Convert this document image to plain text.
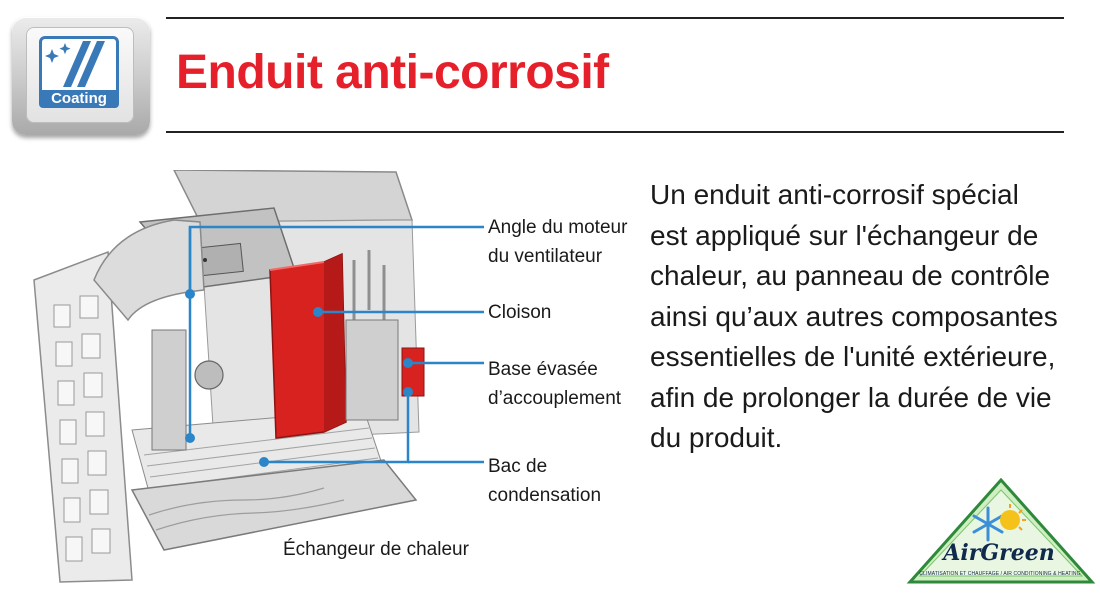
Coating Enduit anti-corrosif
Angle du moteur
du ventilateur
Cloison
Base évasée
d’accouplement
Bac de
condensation
Échangeur de chaleur
Un enduit anti-corrosif spécial
est appliqué sur l'échangeur de
chaleur, au panneau de contrôle
ainsi qu’aux autres composantes
essentielles de l'unité extérieure,
afin de prolonger la durée de vie
du produit.
AirGreen
CLIMATISATION ET CHAUFFAGE / AIR CONDITIONING & HEATING
